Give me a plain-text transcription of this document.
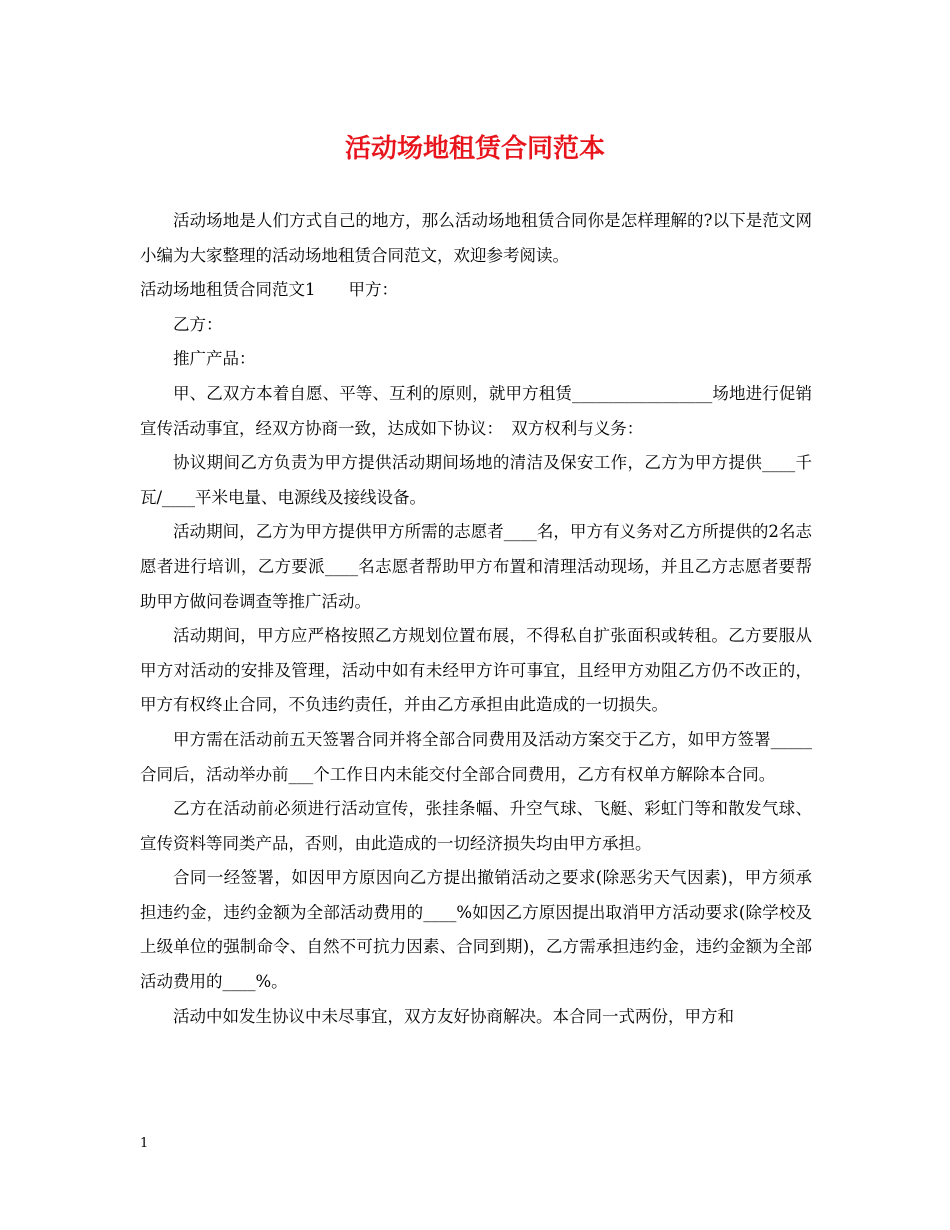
活动场地租赁合同范本

活动场地是人们方式自己的地方，那么活动场地租赁合同你是怎样理解的?以下是范文网小编为大家整理的活动场地租赁合同范文，欢迎参考阅读。

活动场地租赁合同范文1　　甲方：

乙方：

推广产品：

甲、乙双方本着自愿、平等、互利的原则，就甲方租赁_________________场地进行促销宣传活动事宜，经双方协商一致，达成如下协议：　双方权利与义务：

协议期间乙方负责为甲方提供活动期间场地的清洁及保安工作，乙方为甲方提供____千瓦/____平米电量、电源线及接线设备。

活动期间，乙方为甲方提供甲方所需的志愿者____名，甲方有义务对乙方所提供的2名志愿者进行培训，乙方要派____名志愿者帮助甲方布置和清理活动现场，并且乙方志愿者要帮助甲方做问卷调查等推广活动。

活动期间，甲方应严格按照乙方规划位置布展，不得私自扩张面积或转租。乙方要服从甲方对活动的安排及管理，活动中如有未经甲方许可事宜，且经甲方劝阻乙方仍不改正的，甲方有权终止合同，不负违约责任，并由乙方承担由此造成的一切损失。

甲方需在活动前五天签署合同并将全部合同费用及活动方案交于乙方，如甲方签署_____合同后，活动举办前___个工作日内未能交付全部合同费用，乙方有权单方解除本合同。

乙方在活动前必须进行活动宣传，张挂条幅、升空气球、飞艇、彩虹门等和散发气球、宣传资料等同类产品，否则，由此造成的一切经济损失均由甲方承担。

合同一经签署，如因甲方原因向乙方提出撤销活动之要求(除恶劣天气因素)，甲方须承担违约金，违约金额为全部活动费用的____%如因乙方原因提出取消甲方活动要求(除学校及上级单位的强制命令、自然不可抗力因素、合同到期)，乙方需承担违约金，违约金额为全部活动费用的____%。

活动中如发生协议中未尽事宜，双方友好协商解决。本合同一式两份，甲方和

1
